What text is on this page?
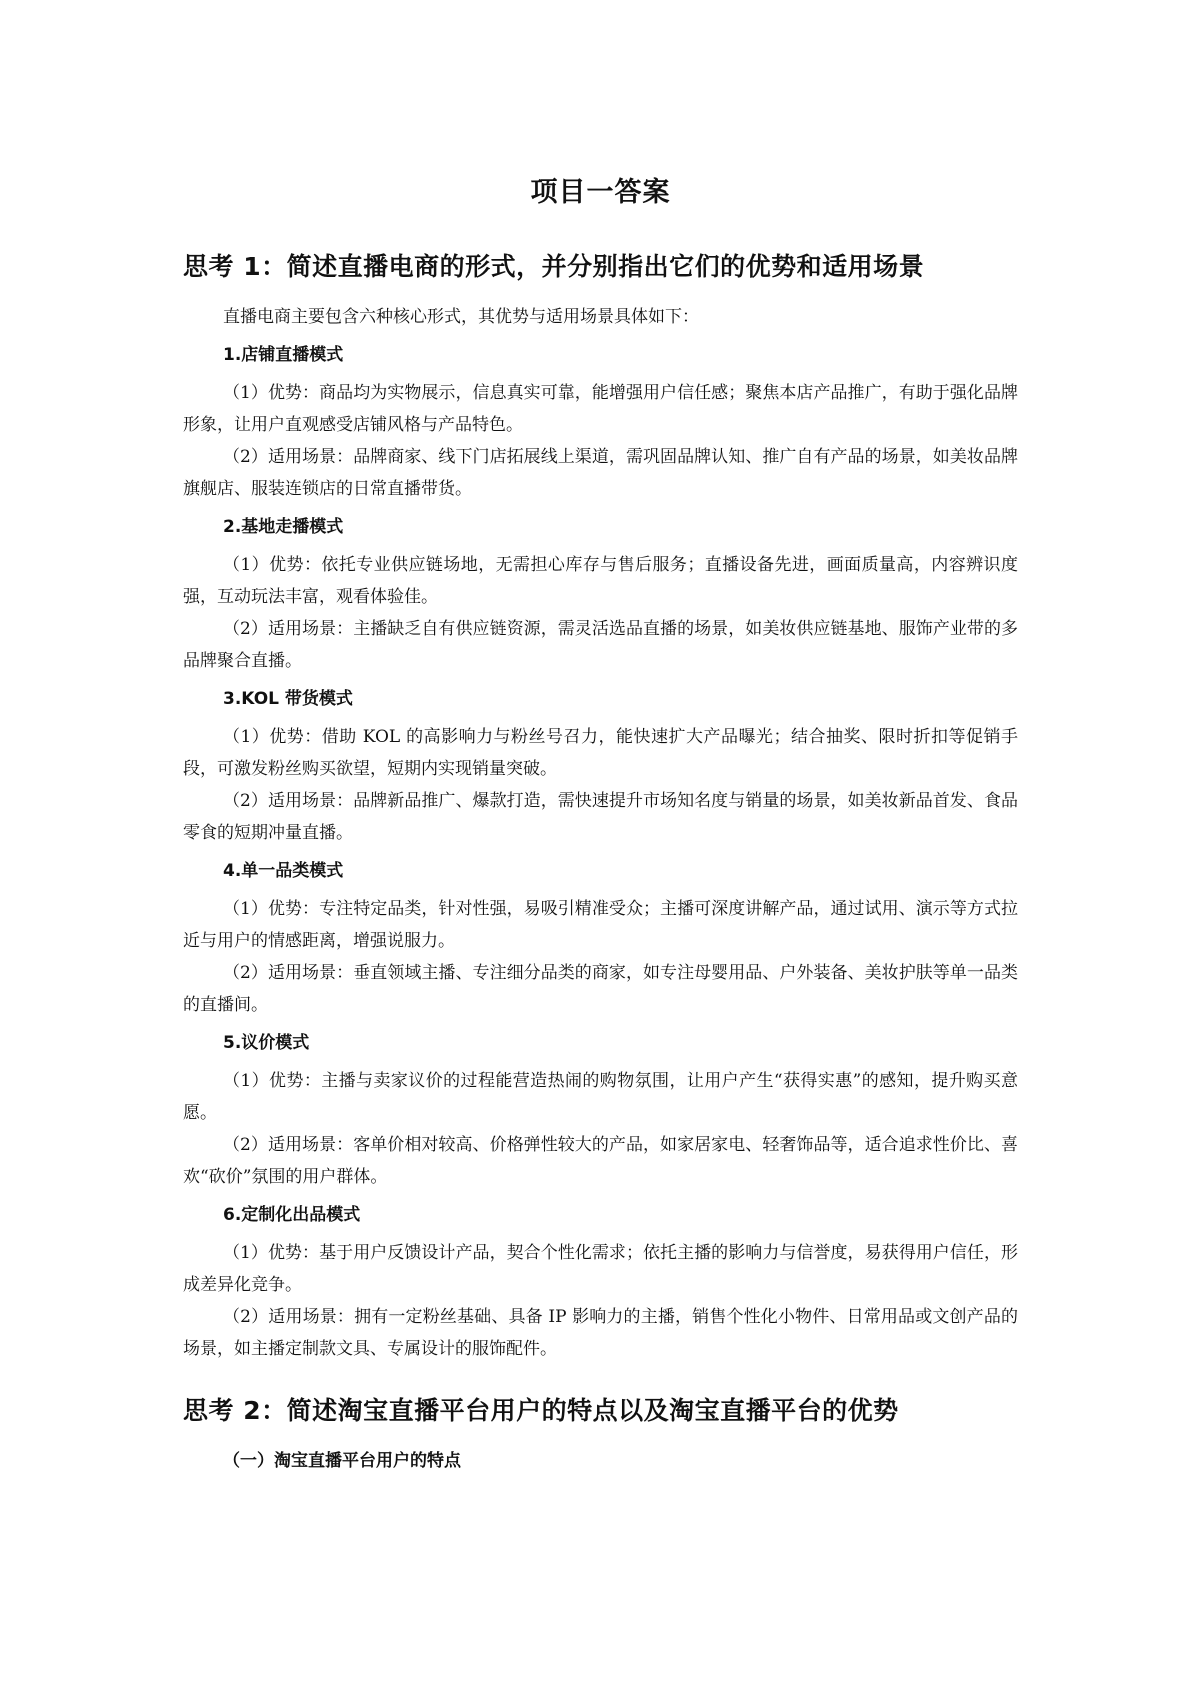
项目一答案
思考 1：简述直播电商的形式，并分别指出它们的优势和适用场景

直播电商主要包含六种核心形式，其优势与适用场景具体如下：

1.店铺直播模式

（1）优势：商品均为实物展示，信息真实可靠，能增强用户信任感；聚焦本店产品推广，有助于强化品牌形象，让用户直观感受店铺风格与产品特色。

（2）适用场景：品牌商家、线下门店拓展线上渠道，需巩固品牌认知、推广自有产品的场景，如美妆品牌旗舰店、服装连锁店的日常直播带货。

2.基地走播模式

（1）优势：依托专业供应链场地，无需担心库存与售后服务；直播设备先进，画面质量高，内容辨识度强，互动玩法丰富，观看体验佳。

（2）适用场景：主播缺乏自有供应链资源，需灵活选品直播的场景，如美妆供应链基地、服饰产业带的多品牌聚合直播。

3.KOL 带货模式

（1）优势：借助 KOL 的高影响力与粉丝号召力，能快速扩大产品曝光；结合抽奖、限时折扣等促销手段，可激发粉丝购买欲望，短期内实现销量突破。

（2）适用场景：品牌新品推广、爆款打造，需快速提升市场知名度与销量的场景，如美妆新品首发、食品零食的短期冲量直播。

4.单一品类模式

（1）优势：专注特定品类，针对性强，易吸引精准受众；主播可深度讲解产品，通过试用、演示等方式拉近与用户的情感距离，增强说服力。

（2）适用场景：垂直领域主播、专注细分品类的商家，如专注母婴用品、户外装备、美妆护肤等单一品类的直播间。

5.议价模式

（1）优势：主播与卖家议价的过程能营造热闹的购物氛围，让用户产生“获得实惠”的感知，提升购买意愿。

（2）适用场景：客单价相对较高、价格弹性较大的产品，如家居家电、轻奢饰品等，适合追求性价比、喜欢“砍价”氛围的用户群体。

6.定制化出品模式

（1）优势：基于用户反馈设计产品，契合个性化需求；依托主播的影响力与信誉度，易获得用户信任，形成差异化竞争。

（2）适用场景：拥有一定粉丝基础、具备 IP 影响力的主播，销售个性化小物件、日常用品或文创产品的场景，如主播定制款文具、专属设计的服饰配件。

思考 2：简述淘宝直播平台用户的特点以及淘宝直播平台的优势
（一）淘宝直播平台用户的特点
